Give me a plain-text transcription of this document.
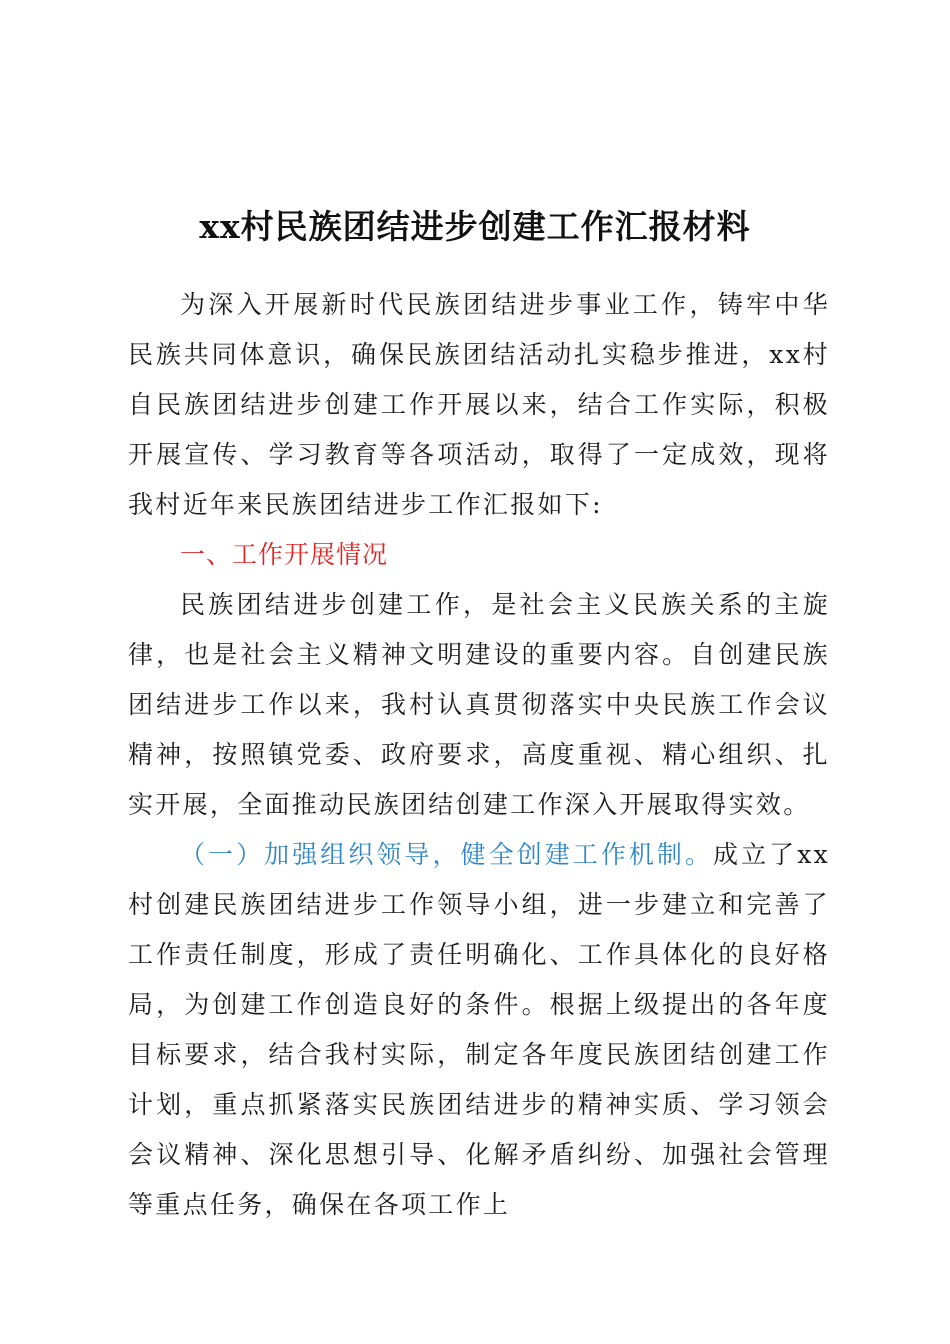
xx村民族团结进步创建工作汇报材料

为深入开展新时代民族团结进步事业工作，铸牢中华民族共同体意识，确保民族团结活动扎实稳步推进，xx村自民族团结进步创建工作开展以来，结合工作实际，积极开展宣传、学习教育等各项活动，取得了一定成效，现将我村近年来民族团结进步工作汇报如下:

一、工作开展情况

民族团结进步创建工作，是社会主义民族关系的主旋律，也是社会主义精神文明建设的重要内容。自创建民族团结进步工作以来，我村认真贯彻落实中央民族工作会议精神，按照镇党委、政府要求，高度重视、精心组织、扎实开展，全面推动民族团结创建工作深入开展取得实效。

（一）加强组织领导，健全创建工作机制。成立了xx村创建民族团结进步工作领导小组，进一步建立和完善了工作责任制度，形成了责任明确化、工作具体化的良好格局，为创建工作创造良好的条件。根据上级提出的各年度目标要求，结合我村实际，制定各年度民族团结创建工作计划，重点抓紧落实民族团结进步的精神实质、学习领会会议精神、深化思想引导、化解矛盾纠纷、加强社会管理等重点任务，确保在各项工作上
